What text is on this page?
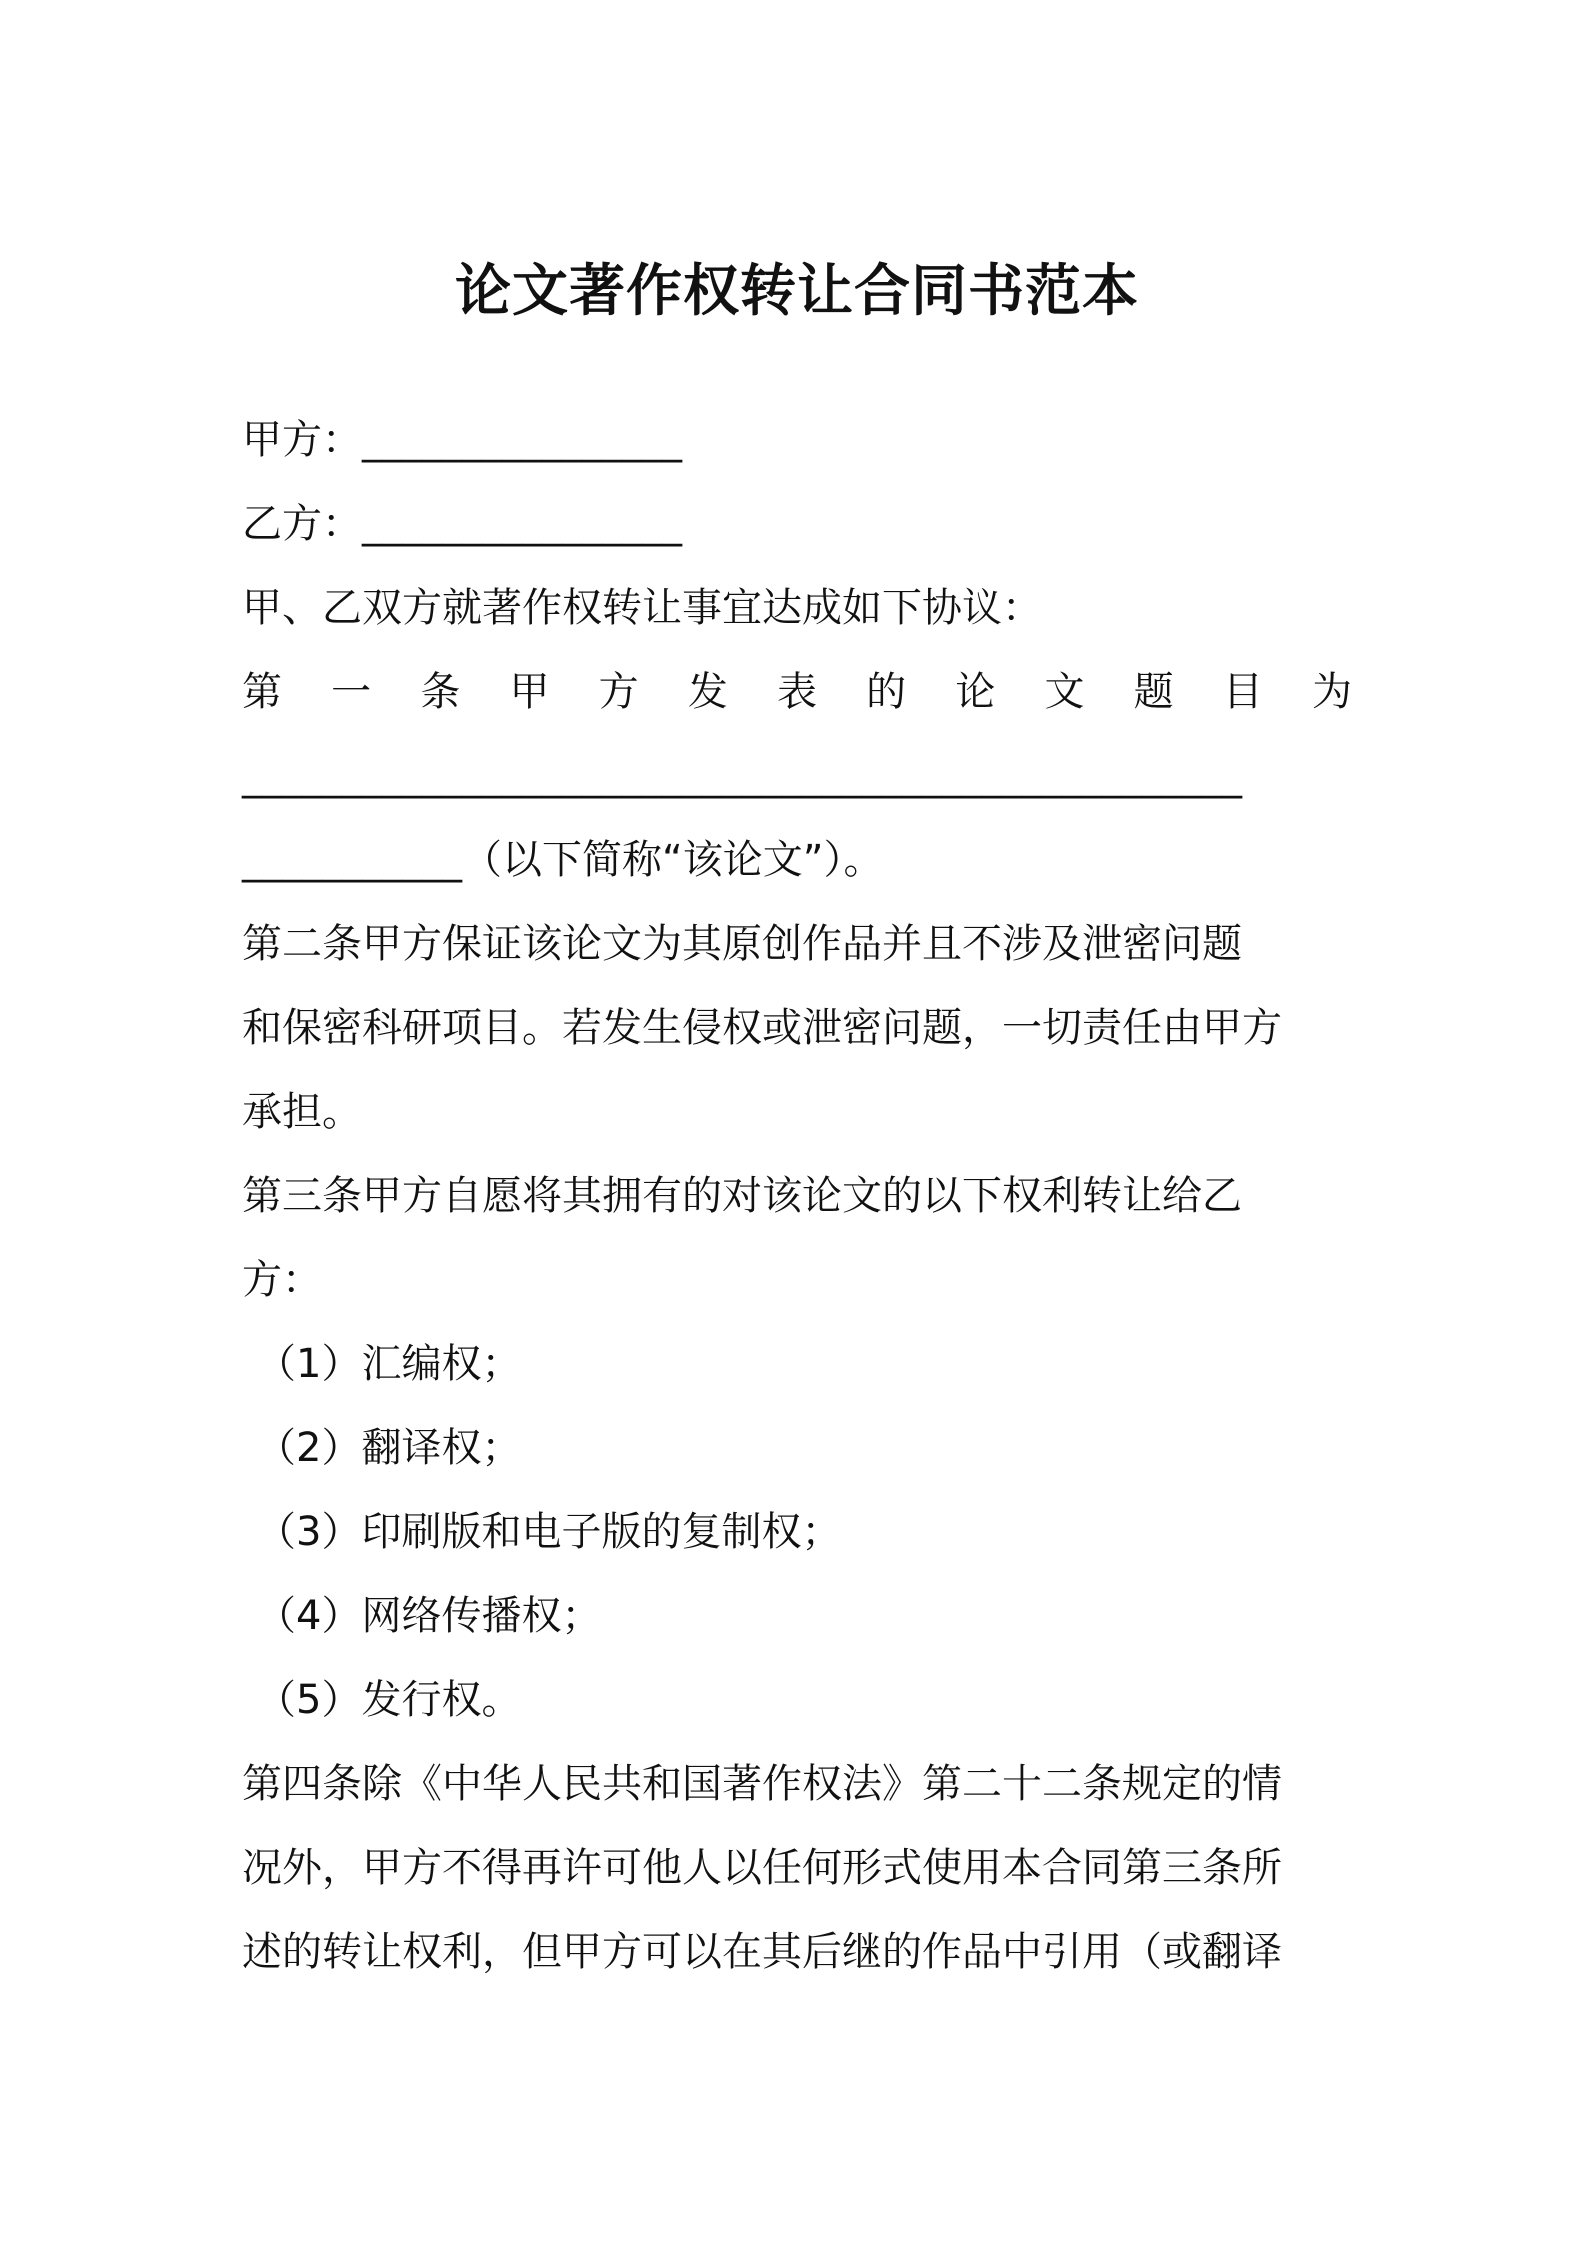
论文著作权转让合同书范本
甲方：________________
乙方：________________
甲、乙双方就著作权转让事宜达成如下协议：
第 一 条 甲 方 发 表 的 论 文 题 目 为
__________________________________________________
___________（以下简称“该论文”）。
第二条甲方保证该论文为其原创作品并且不涉及泄密问题
和保密科研项目。若发生侵权或泄密问题，一切责任由甲方
承担。
第三条甲方自愿将其拥有的对该论文的以下权利转让给乙
方：
（1）汇编权；
（2）翻译权；
（3）印刷版和电子版的复制权；
（4）网络传播权；
（5）发行权。
第四条除《中华人民共和国著作权法》第二十二条规定的情
况外，甲方不得再许可他人以任何形式使用本合同第三条所
述的转让权利，但甲方可以在其后继的作品中引用（或翻译
